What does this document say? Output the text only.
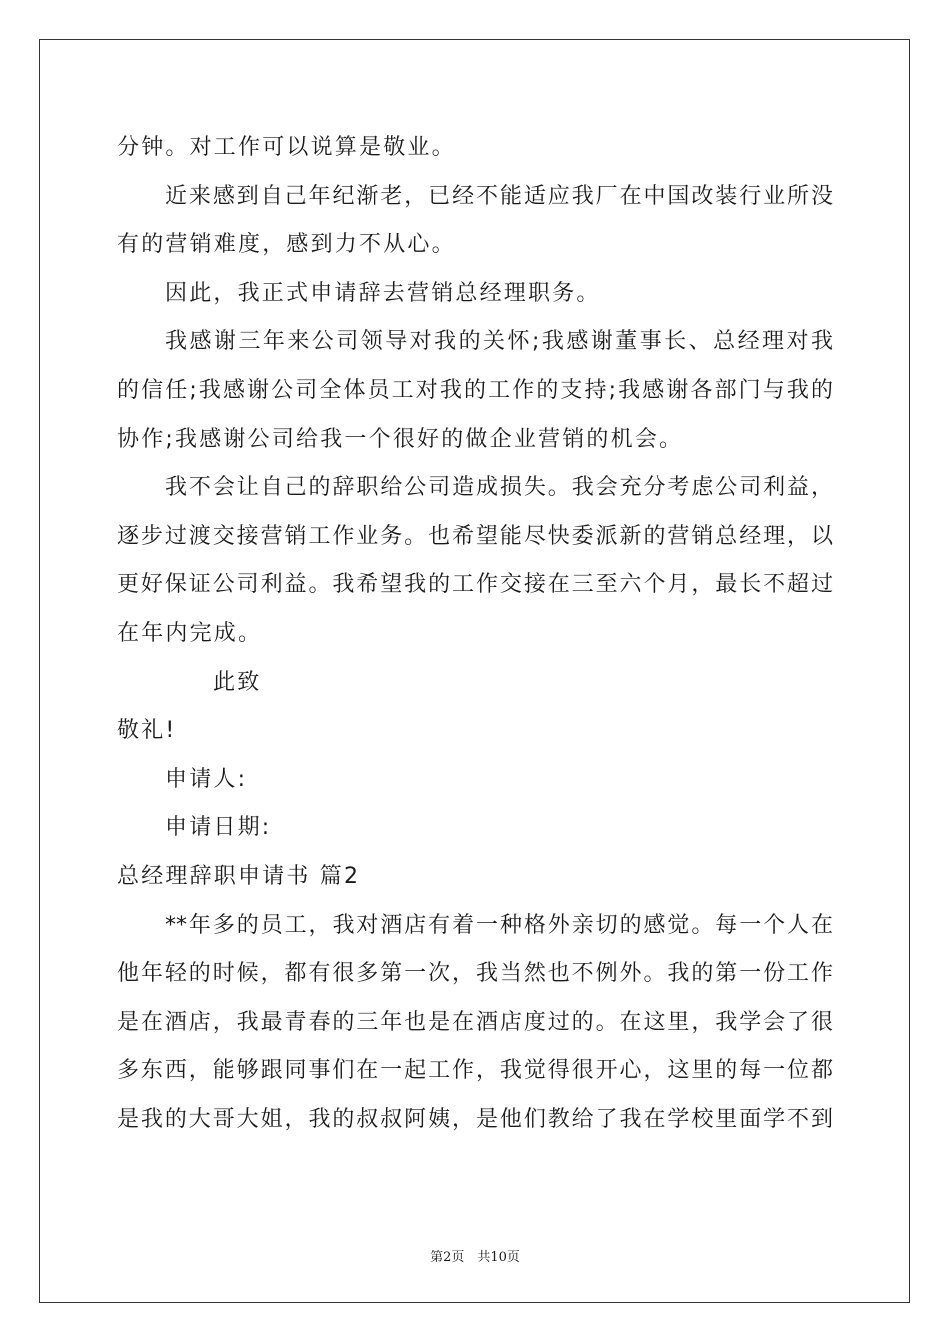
分钟。对工作可以说算是敬业。
近来感到自己年纪渐老，已经不能适应我厂在中国改装行业所没
有的营销难度，感到力不从心。
因此，我正式申请辞去营销总经理职务。
我感谢三年来公司领导对我的关怀;我感谢董事长、总经理对我
的信任;我感谢公司全体员工对我的工作的支持;我感谢各部门与我的
协作;我感谢公司给我一个很好的做企业营销的机会。
我不会让自己的辞职给公司造成损失。我会充分考虑公司利益，
逐步过渡交接营销工作业务。也希望能尽快委派新的营销总经理，以
更好保证公司利益。我希望我的工作交接在三至六个月，最长不超过
在年内完成。
此致
敬礼!
申请人:
申请日期:
总经理辞职申请书 篇2
**年多的员工，我对酒店有着一种格外亲切的感觉。每一个人在
他年轻的时候，都有很多第一次，我当然也不例外。我的第一份工作
是在酒店，我最青春的三年也是在酒店度过的。在这里，我学会了很
多东西，能够跟同事们在一起工作，我觉得很开心，这里的每一位都
是我的大哥大姐，我的叔叔阿姨，是他们教给了我在学校里面学不到
第2页　共10页
